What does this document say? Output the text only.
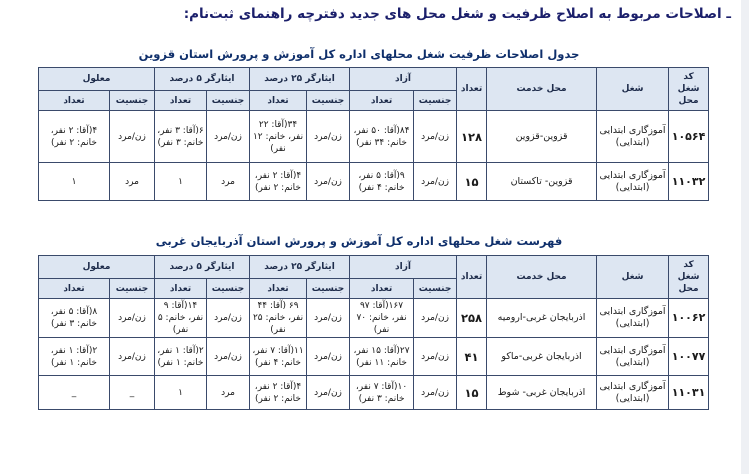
ـ اصلاحات مربوط به اصلاح ظرفیت و شغل محل های جدید دفترچه راهنمای ثبت‌نام:
جدول اصلاحات ظرفیت شغل محلهای اداره کل آموزش و پرورش استان قزوین
کد شغل محل	شغل	محل خدمت	تعداد	آزاد		ایثارگر ۲۵ درصد		ایثارگر ۵ درصد		معلول	
				جنسیت	تعداد	جنسیت	تعداد	جنسیت	تعداد	جنسیت	تعداد
۱۰۵۶۴	آموزگاری ابتدایی (ابتدایی)	قزوین-قزوین	۱۲۸	زن/مرد	۸۴(آقا: ۵۰ نفر، خانم: ۳۴ نفر)	زن/مرد	۳۴(آقا: ۲۲ نفر، خانم: ۱۲ نفر)	زن/مرد	۶(آقا: ۳ نفر، خانم: ۳ نفر)	زن/مرد	۴(آقا: ۲ نفر، خانم: ۲ نفر)
۱۱۰۳۲	آموزگاری ابتدایی (ابتدایی)	قزوین- تاکستان	۱۵	زن/مرد	۹(آقا: ۵ نفر، خانم: ۴ نفر)	زن/مرد	۴(آقا: ۲ نفر، خانم: ۲ نفر)	مرد	۱	مرد	۱
فهرست شغل محلهای اداره کل آموزش و پرورش استان آذربایجان غربی
کد شغل محل	شغل	محل خدمت	تعداد	آزاد		ایثارگر ۲۵ درصد		ایثارگر ۵ درصد		معلول	
				جنسیت	تعداد	جنسیت	تعداد	جنسیت	تعداد	جنسیت	تعداد
۱۰۰۶۲	آموزگاری ابتدایی (ابتدایی)	اذربایجان غربی-ارومیه	۲۵۸	زن/مرد	۱۶۷(آقا: ۹۷ نفر، خانم: ۷۰ نفر)	زن/مرد	۶۹ (آقا: ۴۴ نفر، خانم: ۲۵ نفر)	زن/مرد	۱۴(آقا: ۹ نفر، خانم: ۵ نفر)	زن/مرد	۸(آقا: ۵ نفر، خانم: ۳ نفر)
۱۰۰۷۷	آموزگاری ابتدایی (ابتدایی)	اذربایجان غربی-ماکو	۴۱	زن/مرد	۲۷(آقا: ۱۵ نفر، خانم: ۱۱ نفر)	زن/مرد	۱۱(آقا: ۷ نفر، خانم: ۴ نفر)	زن/مرد	۲(آقا: ۱ نفر، خانم: ۱ نفر)	زن/مرد	۲(آقا: ۱ نفر، خانم: ۱ نفر)
۱۱۰۳۱	آموزگاری ابتدایی (ابتدایی)	اذربایجان غربی- شوط	۱۵	زن/مرد	۱۰(آقا: ۷ نفر، خانم: ۳ نفر)	زن/مرد	۴(آقا: ۲ نفر، خانم: ۲ نفر)	مرد	۱	_	_
